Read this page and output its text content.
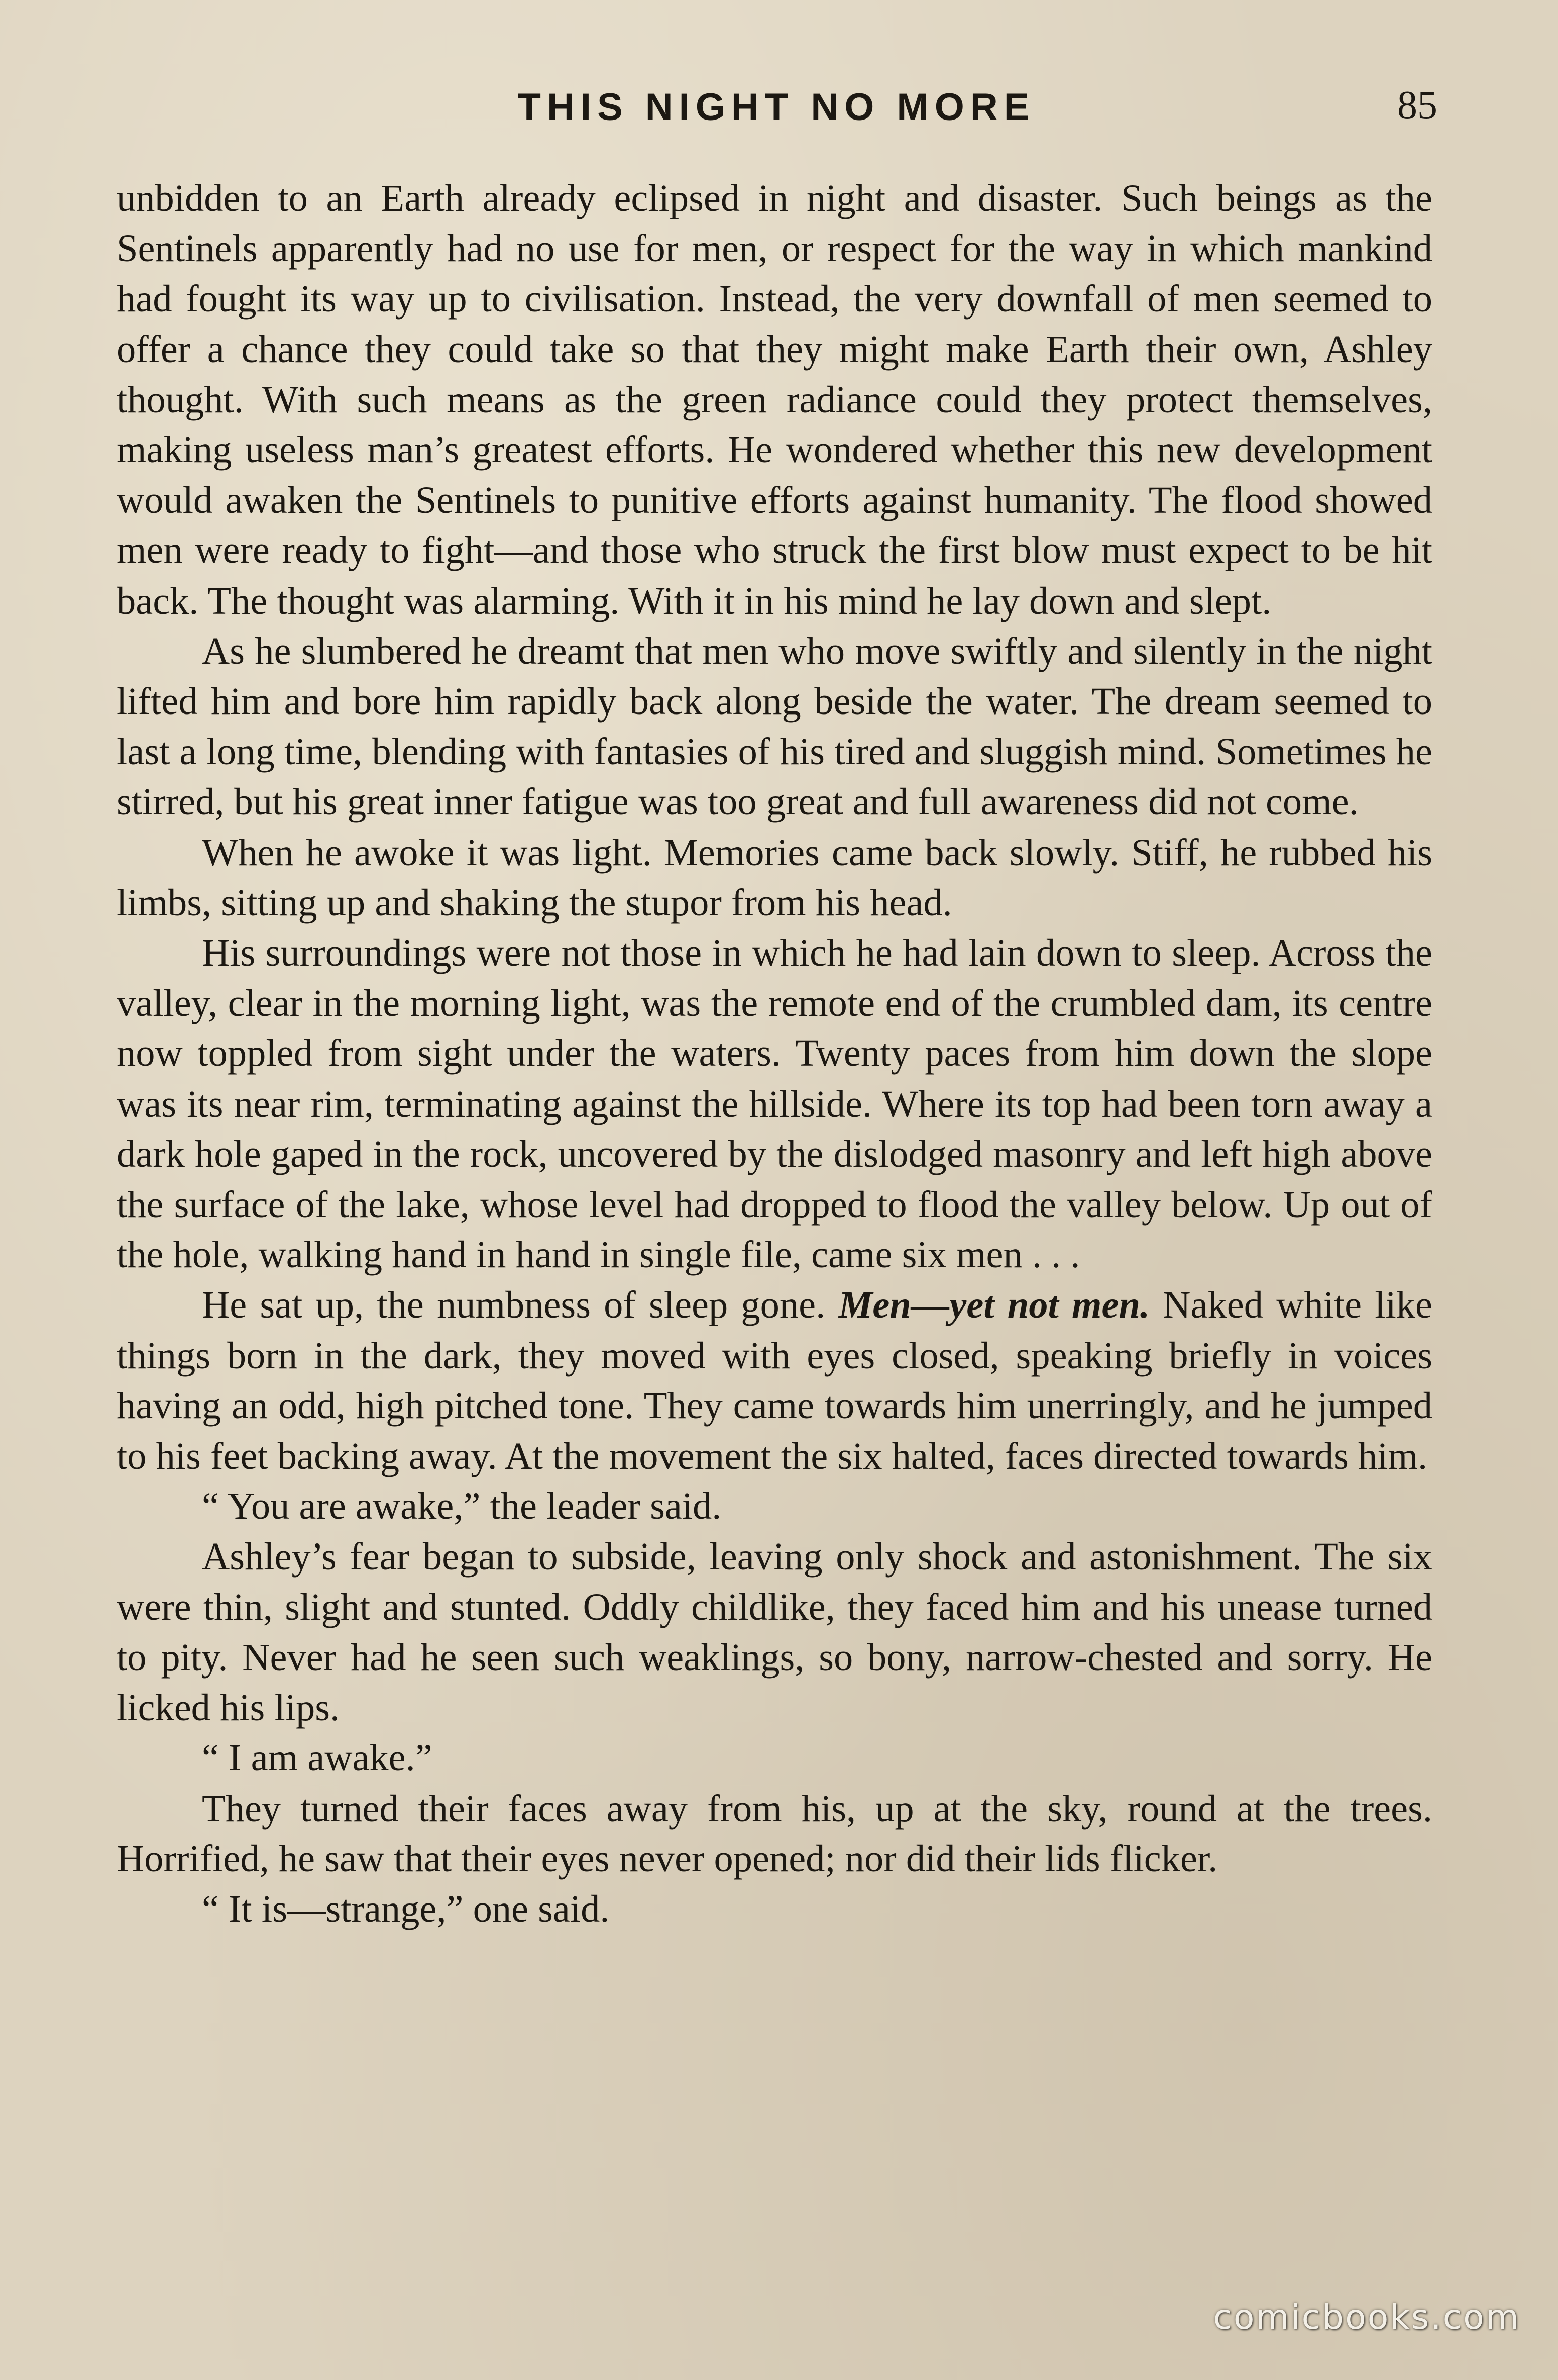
THIS NIGHT NO MORE	85

unbidden to an Earth already eclipsed in night and disaster. Such beings as the Sentinels apparently had no use for men, or respect for the way in which mankind had fought its way up to civilisation. Instead, the very downfall of men seemed to offer a chance they could take so that they might make Earth their own, Ashley thought. With such means as the green radiance could they protect themselves, making useless man’s greatest efforts. He wondered whether this new development would awaken the Sentinels to punitive efforts against humanity. The flood showed men were ready to fight—and those who struck the first blow must expect to be hit back. The thought was alarming. With it in his mind he lay down and slept.

As he slumbered he dreamt that men who move swiftly and silently in the night lifted him and bore him rapidly back along beside the water. The dream seemed to last a long time, blending with fantasies of his tired and sluggish mind. Sometimes he stirred, but his great inner fatigue was too great and full awareness did not come.

When he awoke it was light. Memories came back slowly. Stiff, he rubbed his limbs, sitting up and shaking the stupor from his head.

His surroundings were not those in which he had lain down to sleep. Across the valley, clear in the morning light, was the remote end of the crumbled dam, its centre now toppled from sight under the waters. Twenty paces from him down the slope was its near rim, terminating against the hillside. Where its top had been torn away a dark hole gaped in the rock, uncovered by the dislodged masonry and left high above the surface of the lake, whose level had dropped to flood the valley below. Up out of the hole, walking hand in hand in single file, came six men . . .

He sat up, the numbness of sleep gone. Men—yet not men. Naked white like things born in the dark, they moved with eyes closed, speaking briefly in voices having an odd, high pitched tone. They came towards him unerringly, and he jumped to his feet backing away. At the movement the six halted, faces directed towards him.

“ You are awake,” the leader said.

Ashley’s fear began to subside, leaving only shock and astonishment. The six were thin, slight and stunted. Oddly childlike, they faced him and his unease turned to pity. Never had he seen such weaklings, so bony, narrow-chested and sorry. He licked his lips.

“ I am awake.”

They turned their faces away from his, up at the sky, round at the trees. Horrified, he saw that their eyes never opened; nor did their lids flicker.

“ It is—strange,” one said.

comicbooks.com
